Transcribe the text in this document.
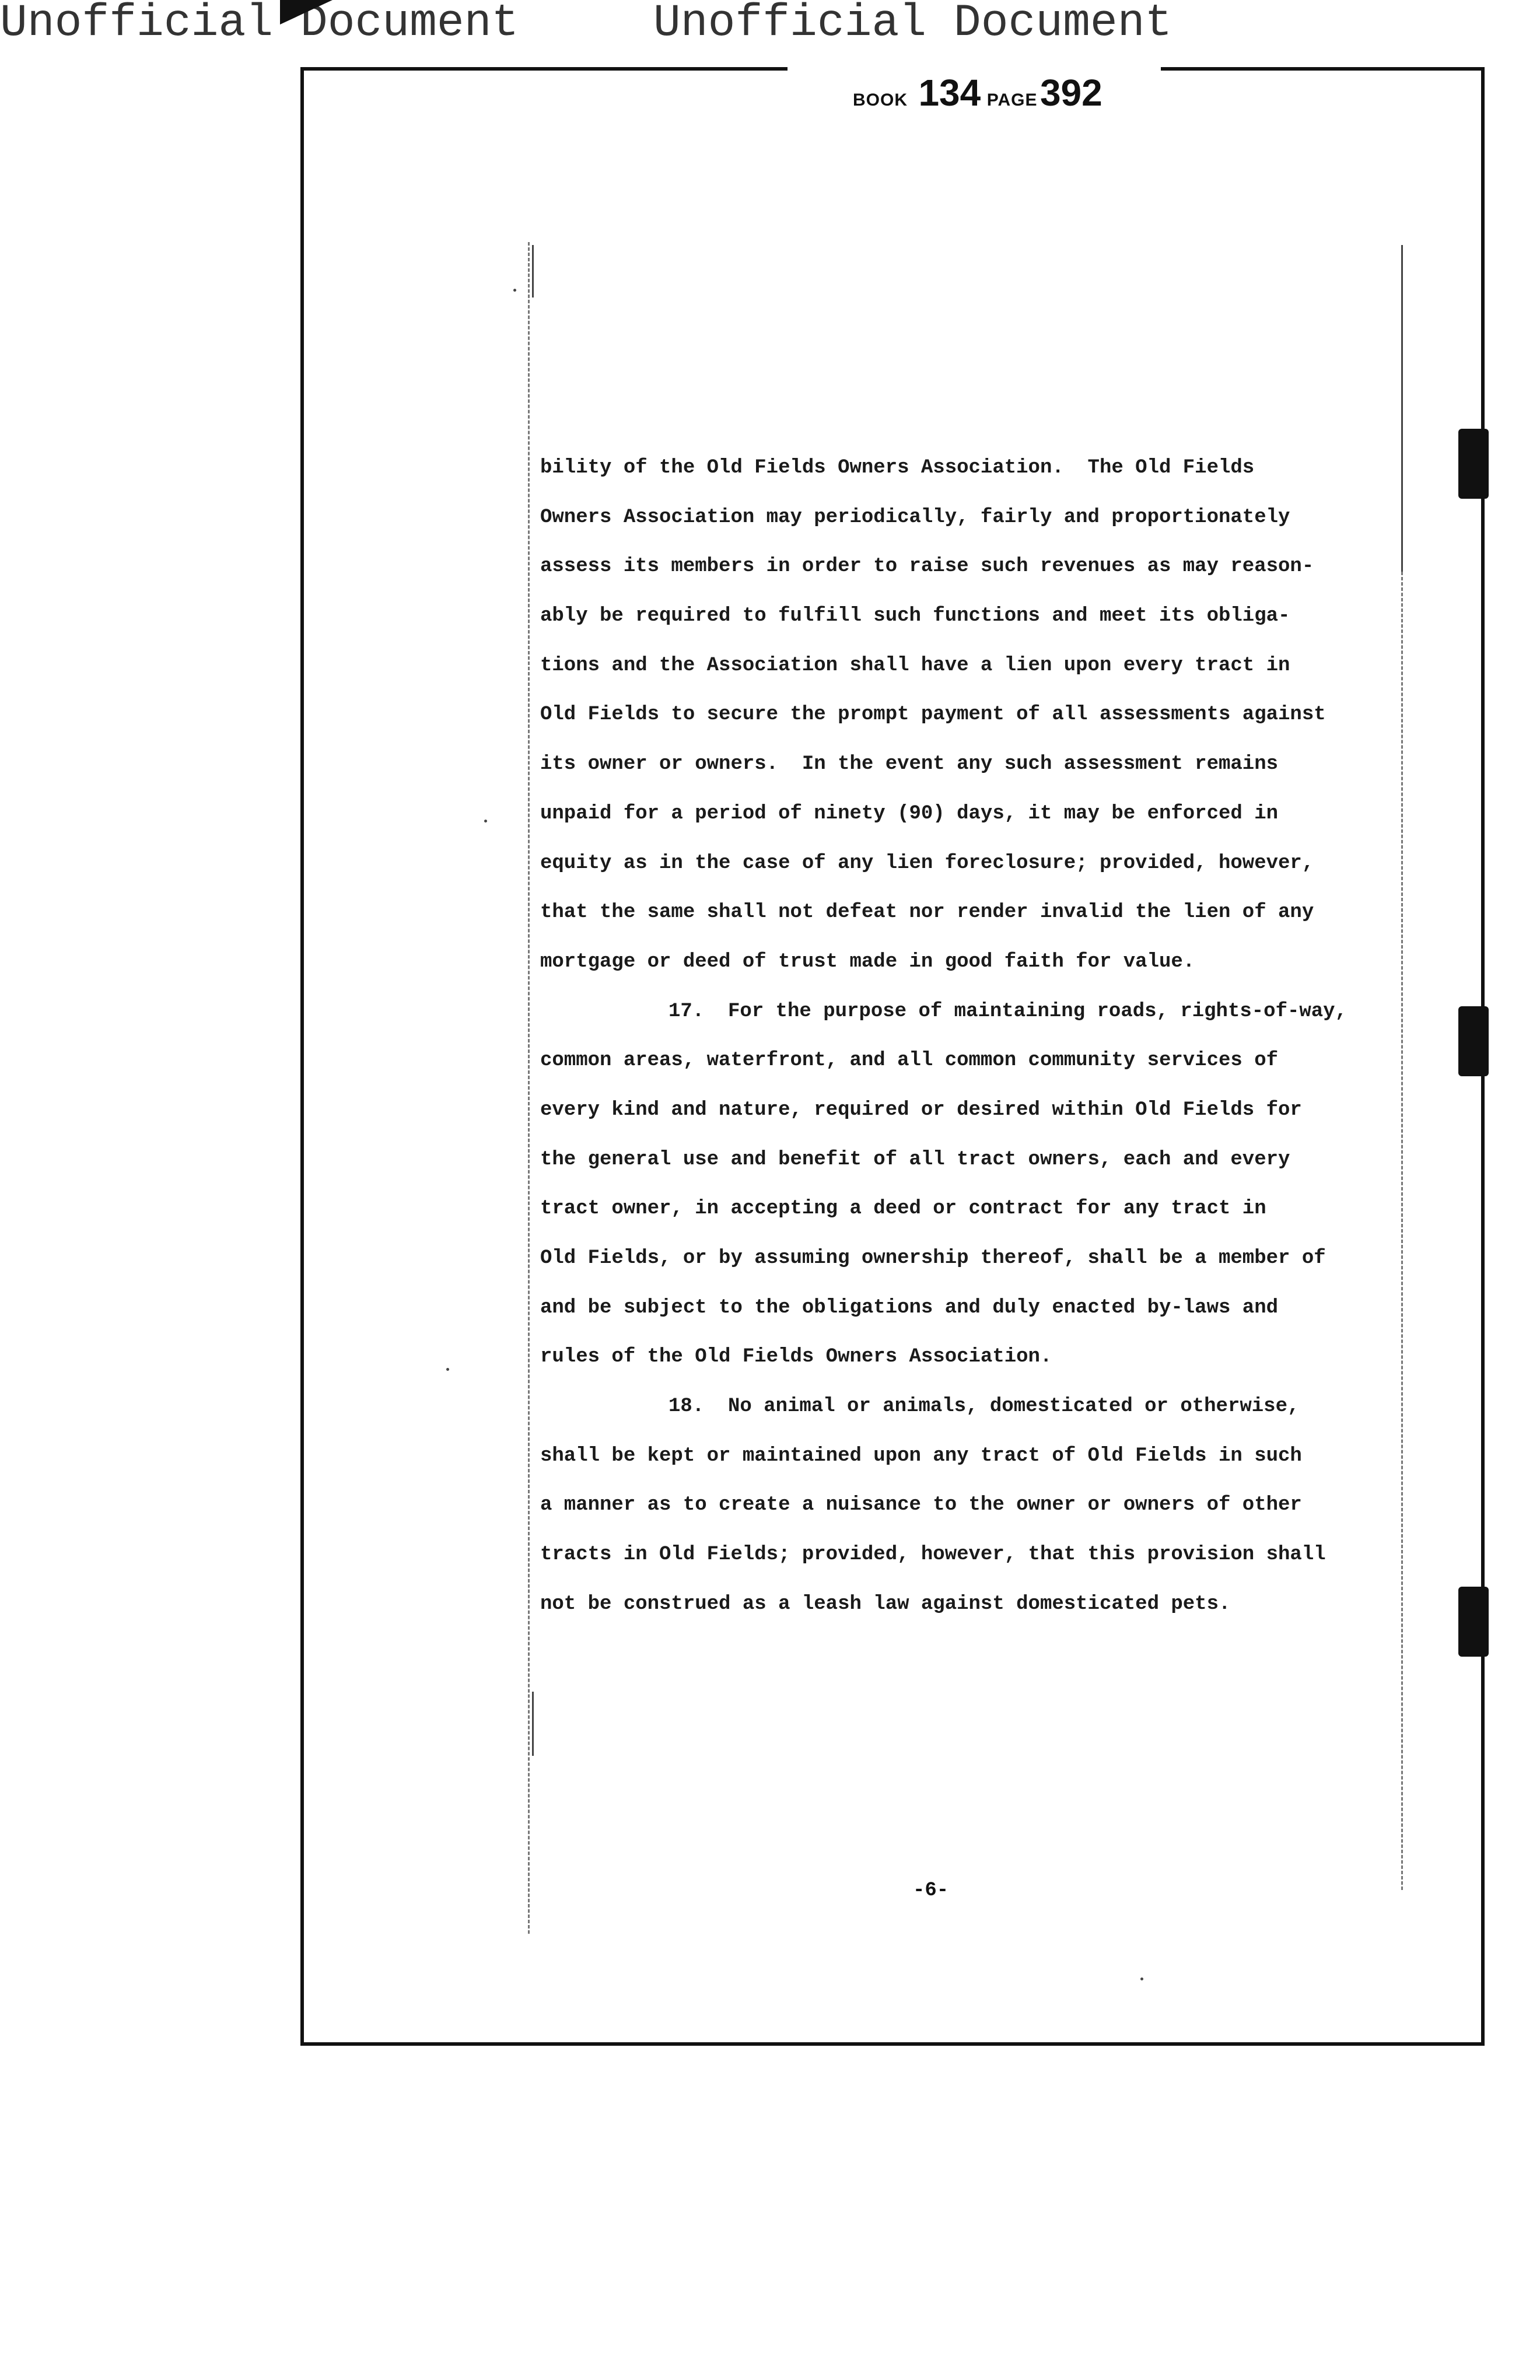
Unofficial Document	Unofficial Document
BOOK 134 PAGE 392
bility of the Old Fields Owners Association.  The Old Fields
Owners Association may periodically, fairly and proportionately
assess its members in order to raise such revenues as may reason-
ably be required to fulfill such functions and meet its obliga-
tions and the Association shall have a lien upon every tract in
Old Fields to secure the prompt payment of all assessments against
its owner or owners.  In the event any such assessment remains
unpaid for a period of ninety (90) days, it may be enforced in
equity as in the case of any lien foreclosure; provided, however,
that the same shall not defeat nor render invalid the lien of any
mortgage or deed of trust made in good faith for value.
17.  For the purpose of maintaining roads, rights-of-way,
common areas, waterfront, and all common community services of
every kind and nature, required or desired within Old Fields for
the general use and benefit of all tract owners, each and every
tract owner, in accepting a deed or contract for any tract in
Old Fields, or by assuming ownership thereof, shall be a member of
and be subject to the obligations and duly enacted by-laws and
rules of the Old Fields Owners Association.
18.  No animal or animals, domesticated or otherwise,
shall be kept or maintained upon any tract of Old Fields in such
a manner as to create a nuisance to the owner or owners of other
tracts in Old Fields; provided, however, that this provision shall
not be construed as a leash law against domesticated pets.
-6-
